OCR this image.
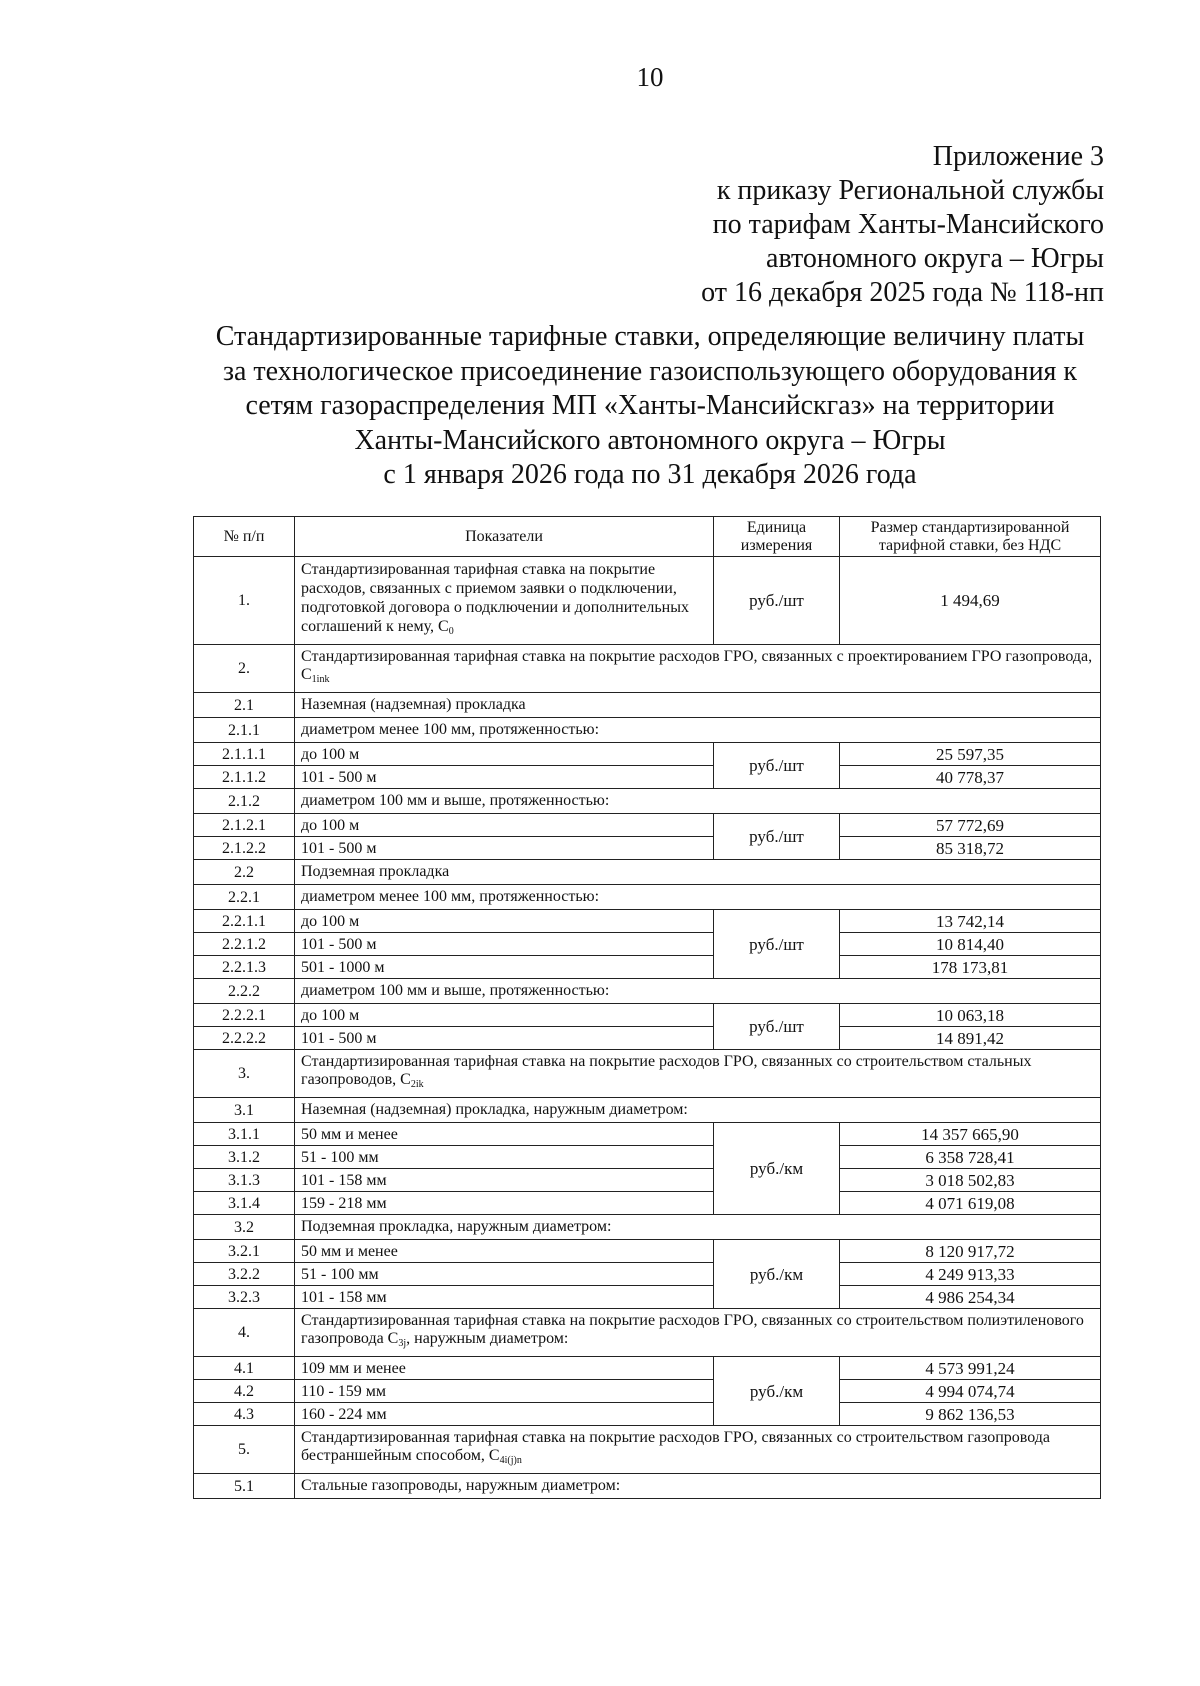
10
Приложение 3
к приказу Региональной службы
по тарифам Ханты-Мансийского
автономного округа – Югры
от 16 декабря 2025 года № 118-нп
Стандартизированные тарифные ставки, определяющие величину платы
за технологическое присоединение газоиспользующего оборудования к
сетям газораспределения МП «Ханты-Мансийскгаз» на территории
Ханты-Мансийского автономного округа – Югры
с 1 января 2026 года по 31 декабря 2026 года
№ п/п	Показатели	Единица измерения	Размер стандартизированной тарифной ставки, без НДС
1.	Стандартизированная тарифная ставка на покрытие расходов, связанных с приемом заявки о подключении, подготовкой договора о подключении и дополнительных соглашений к нему, $С_0$	руб./шт	1 494,69
2.	Стандартизированная тарифная ставка на покрытие расходов ГРО, связанных с проектированием ГРО газопровода, $С_{1ink}$
2.1	Наземная (надземная) прокладка		
2.1.1	диаметром менее 100 мм, протяженностью:		
2.1.1.1	до 100 м	руб./шт	25 597,35
2.1.1.2	101 - 500 м		40 778,37
2.1.2	диаметром 100 мм и выше, протяженностью:		
2.1.2.1	до 100 м	руб./шт	57 772,69
2.1.2.2	101 - 500 м		85 318,72
2.2	Подземная прокладка		
2.2.1	диаметром менее 100 мм, протяженностью:		
2.2.1.1	до 100 м	руб./шт	13 742,14
2.2.1.2	101 - 500 м		10 814,40
2.2.1.3	501 - 1000 м		178 173,81
2.2.2	диаметром 100 мм и выше, протяженностью:		
2.2.2.1	до 100 м	руб./шт	10 063,18
2.2.2.2	101 - 500 м		14 891,42
3.	Стандартизированная тарифная ставка на покрытие расходов ГРО, связанных со строительством стальных газопроводов, $С_{2ik}$
3.1	Наземная (надземная) прокладка, наружным диаметром:		
3.1.1	50 мм и менее	руб./км	14 357 665,90
3.1.2	51 - 100 мм		6 358 728,41
3.1.3	101 - 158 мм		3 018 502,83
3.1.4	159 - 218 мм		4 071 619,08
3.2	Подземная прокладка, наружным диаметром:		
3.2.1	50 мм и менее	руб./км	8 120 917,72
3.2.2	51 - 100 мм		4 249 913,33
3.2.3	101 - 158 мм		4 986 254,34
4.	Стандартизированная тарифная ставка на покрытие расходов ГРО, связанных со строительством полиэтиленового газопровода $С_{3j}$, наружным диаметром:		
4.1	109 мм и менее	руб./км	4 573 991,24
4.2	110 - 159 мм		4 994 074,74
4.3	160 - 224 мм		9 862 136,53
5.	Стандартизированная тарифная ставка на покрытие расходов ГРО, связанных со строительством газопровода бестраншейным способом, $С_{4i(j)n}$
5.1	Стальные газопроводы, наружным диаметром:		
